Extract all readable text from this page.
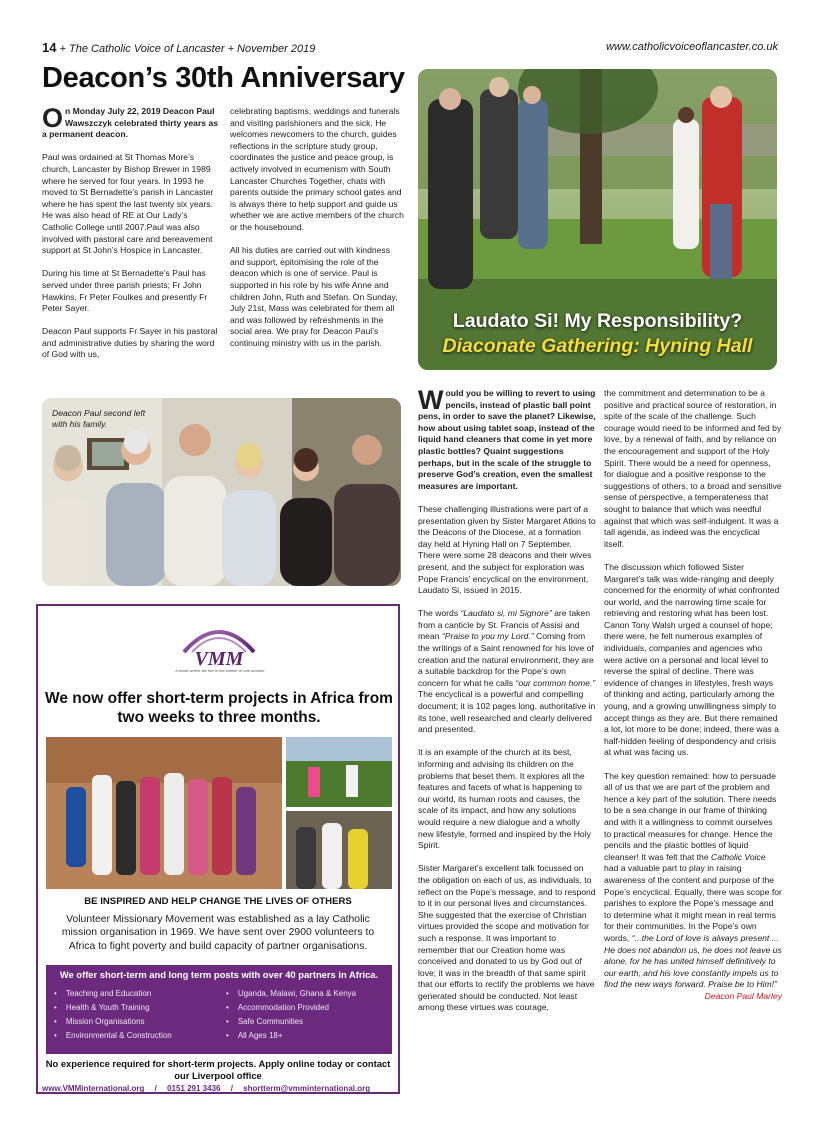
14 + The Catholic Voice of Lancaster + November 2019	www.catholicvoiceoflancaster.co.uk
Deacon’s 30th Anniversary

On Monday July 22, 2019 Deacon Paul Wawszczyk celebrated thirty years as a permanent deacon.

Paul was ordained at St Thomas More’s church, Lancaster by Bishop Brewer in 1989 where he served for four years. In 1993 he moved to St Bernadette’s parish in Lancaster where he has spent the last twenty six years. He was also head of RE at Our Lady’s Catholic College until 2007.Paul was also involved with pastoral care and bereavement support at St John’s Hospice in Lancaster.

During his time at St Bernadette’s Paul has served under three parish priests; Fr John Hawkins, Fr Peter Foulkes and presently Fr Peter Sayer.

Deacon Paul supports Fr Sayer in his pastoral and administrative duties by sharing the word of God with us,

celebrating baptisms, weddings and funerals and visiting parishioners and the sick. He welcomes newcomers to the church, guides reflections in the scripture study group, coordinates the justice and peace group, is actively involved in ecumenism with South Lancaster Churches Together, chats with parents outside the primary school gates and is always there to help support and guide us whether we are active members of the church or the housebound.

All his duties are carried out with kindness and support, epitomising the role of the deacon which is one of service. Paul is supported in his role by his wife Anne and children John, Ruth and Stefan. On Sunday, July 21st, Mass was celebrated for them all and was followed by refreshments in the social area. We pray for Deacon Paul’s continuing ministry with us in the parish.

Laudato Si! My Responsibility?
Diaconate Gathering: Hyning Hall
Deacon Paul second left with his family.
VMM
A world where we live in the shelter of one another
We now offer short-term projects in Africa from two weeks to three months.
BE INSPIRED AND HELP CHANGE THE LIVES OF OTHERS
Volunteer Missionary Movement was established as a lay Catholic mission organisation in 1969. We have sent over 2900 volunteers to Africa to fight poverty and build capacity of partner organisations.
We offer short-term and long term posts with over 40 partners in Africa.
• Teaching and Education
• Health & Youth Training
• Mission Organisations
• Environmental & Construction
• Uganda, Malawi, Ghana & Kenya
• Accommodation Provided
• Safe Communities
• All Ages 18+
No experience required for short-term projects. Apply online today or contact our Liverpool office
www.VMMinternational.org / 0151 291 3436 / shortterm@vmminternational.org

Would you be willing to revert to using pencils, instead of plastic ball point pens, in order to save the planet? Likewise, how about using tablet soap, instead of the liquid hand cleaners that come in yet more plastic bottles? Quaint suggestions perhaps, but in the scale of the struggle to preserve God’s creation, even the smallest measures are important.

These challenging illustrations were part of a presentation given by Sister Margaret Atkins to the Deacons of the Diocese, at a formation day held at Hyning Hall on 7 September. There were some 28 deacons and their wives present, and the subject for exploration was Pope Francis’ encyclical on the environment, Laudato Si, issued in 2015.

The words “Laudato si, mi Signore” are taken from a canticle by St. Francis of Assisi and mean “Praise to you my Lord.” Coming from the writings of a Saint renowned for his love of creation and the natural environment, they are a suitable backdrop for the Pope’s own concern for what he calls “our common home.” The encyclical is a powerful and compelling document; it is 102 pages long, authoritative in its tone, well researched and clearly delivered and presented.

It is an example of the church at its best, informing and advising its children on the problems that beset them. It explores all the features and facets of what is happening to our world, its human roots and causes, the scale of its impact, and how any solutions would require a new dialogue and a wholly new lifestyle, formed and inspired by the Holy Spirit.

Sister Margaret’s excellent talk focussed on the obligation on each of us, as individuals, to reflect on the Pope’s message, and to respond to it in our personal lives and circumstances. She suggested that the exercise of Christian virtues provided the scope and motivation for such a response. It was important to remember that our Creation home was conceived and donated to us by God out of love; it was in the breadth of that same spirit that our efforts to rectify the problems we have generated should be conducted. Not least among these virtues was courage,

the commitment and determination to be a positive and practical source of restoration, in spite of the scale of the challenge. Such courage would need to be informed and fed by love, by a renewal of faith, and by reliance on the encouragement and support of the Holy Spirit. There would be a need for openness, for dialogue and a positive response to the suggestions of others, to a broad and sensitive sense of perspective, a temperateness that sought to balance that which was needful against that which was self-indulgent. It was a tall agenda, as indeed was the encyclical itself.

The discussion which followed Sister Margaret’s talk was wide-ranging and deeply concerned for the enormity of what confronted our world, and the narrowing time scale for retrieving and restoring what has been lost. Canon Tony Walsh urged a counsel of hope; there were, he felt numerous examples of individuals, companies and agencies who were active on a personal and local level to reverse the spiral of decline. There was evidence of changes in lifestyles, fresh ways of thinking and acting, particularly among the young, and a growing unwillingness simply to accept things as they are. But there remained a lot, lot more to be done; indeed, there was a half-hidden feeling of despondency and crisis at what was facing us.

The key question remained: how to persuade all of us that we are part of the problem and hence a key part of the solution. There needs to be a sea change in our frame of thinking and with it a willingness to commit ourselves to practical measures for change. Hence the pencils and the plastic bottles of liquid cleanser! It was felt that the Catholic Voice had a valuable part to play in raising awareness of the content and purpose of the Pope’s encyclical. Equally, there was scope for parishes to explore the Pope’s message and to determine what it might mean in real terms for their communities. In the Pope’s own words, “...the Lord of love is always present ... He does not abandon us, he does not leave us alone, for he has united himself definitively to our earth, and his love constantly impels us to find the new ways forward. Praise be to Him!”
Deacon Paul Marley
